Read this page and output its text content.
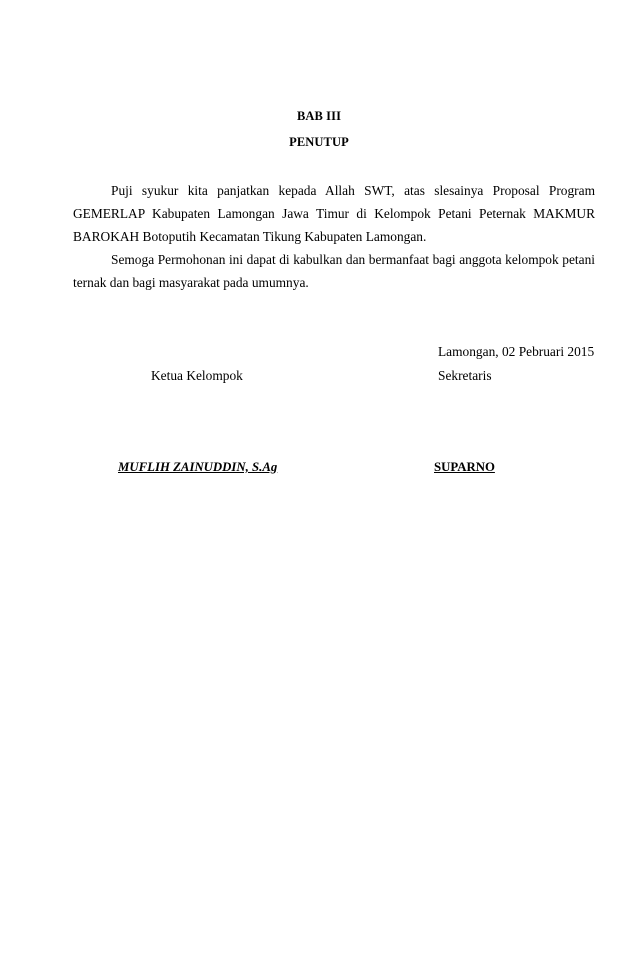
BAB III
PENUTUP

Puji syukur kita panjatkan kepada Allah SWT, atas slesainya Proposal Program GEMERLAP Kabupaten Lamongan Jawa Timur di Kelompok Petani Peternak MAKMUR BAROKAH Botoputih Kecamatan Tikung Kabupaten Lamongan.

Semoga Permohonan ini dapat di kabulkan dan bermanfaat bagi anggota kelompok petani ternak dan bagi masyarakat pada umumnya.

Lamongan, 02 Pebruari 2015
Ketua Kelompok	Sekretaris
MUFLIH ZAINUDDIN, S.Ag	SUPARNO
